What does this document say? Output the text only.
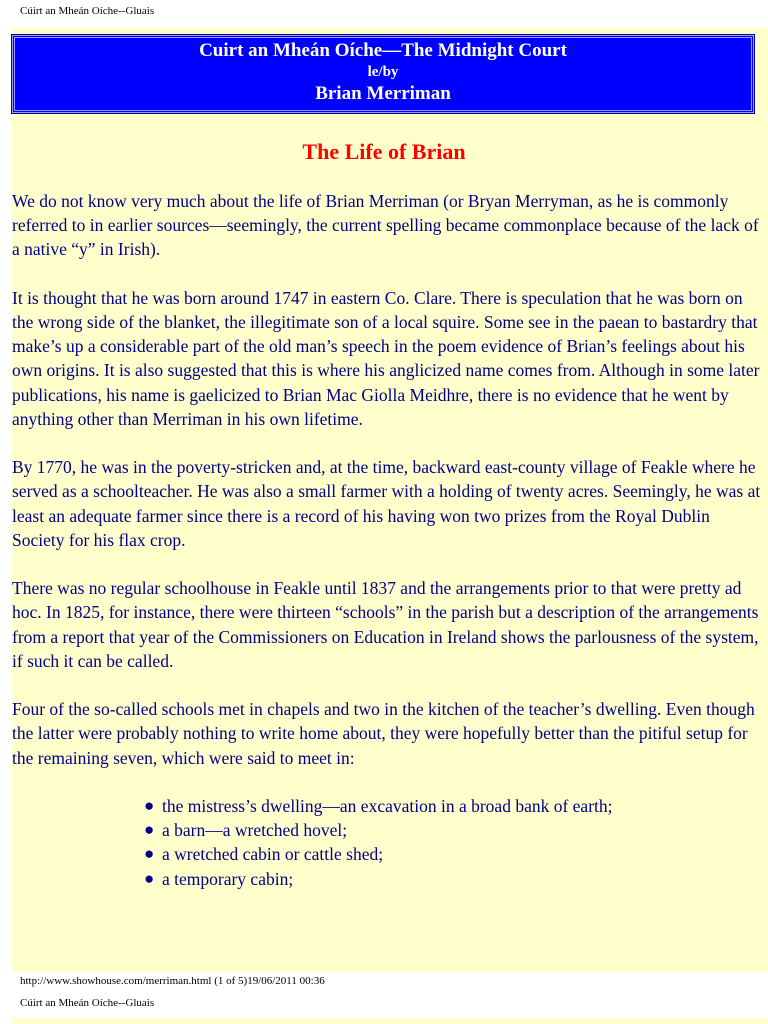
Cúirt an Mheán Oíche--Gluais
Cuirt an Mheán Oíche—The Midnight Court
le/by
Brian Merriman
The Life of Brian

We do not know very much about the life of Brian Merriman (or Bryan Merryman, as he is commonly referred to in earlier sources—seemingly, the current spelling became commonplace because of the lack of a native “y” in Irish).

It is thought that he was born around 1747 in eastern Co. Clare. There is speculation that he was born on the wrong side of the blanket, the illegitimate son of a local squire. Some see in the paean to bastardry that make’s up a considerable part of the old man’s speech in the poem evidence of Brian’s feelings about his own origins. It is also suggested that this is where his anglicized name comes from. Although in some later publications, his name is gaelicized to Brian Mac Giolla Meidhre, there is no evidence that he went by anything other than Merriman in his own lifetime.

By 1770, he was in the poverty-stricken and, at the time, backward east-county village of Feakle where he served as a schoolteacher. He was also a small farmer with a holding of twenty acres. Seemingly, he was at least an adequate farmer since there is a record of his having won two prizes from the Royal Dublin Society for his flax crop.

There was no regular schoolhouse in Feakle until 1837 and the arrangements prior to that were pretty ad hoc. In 1825, for instance, there were thirteen “schools” in the parish but a description of the arrangements from a report that year of the Commissioners on Education in Ireland shows the parlousness of the system, if such it can be called.

Four of the so-called schools met in chapels and two in the kitchen of the teacher’s dwelling. Even though the latter were probably nothing to write home about, they were hopefully better than the pitiful setup for the remaining seven, which were said to meet in:

● the mistress’s dwelling—an excavation in a broad bank of earth;
● a barn—a wretched hovel;
● a wretched cabin or cattle shed;
● a temporary cabin;
http://www.showhouse.com/merriman.html (1 of 5)19/06/2011 00:36
Cúirt an Mheán Oíche--Gluais
